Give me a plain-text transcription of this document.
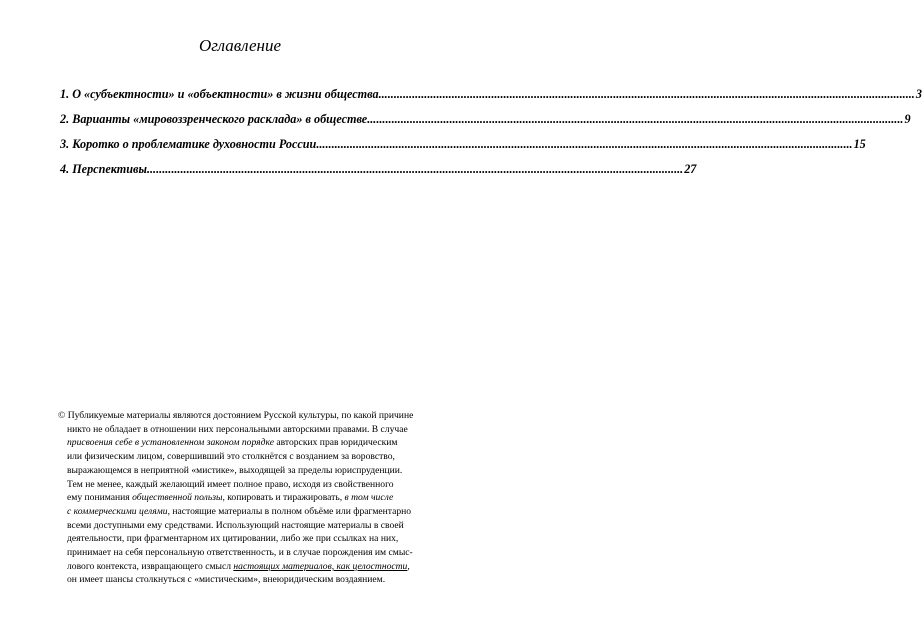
Оглавление
1. О «субъектности» и «объектности» в жизни общества .....	3
2. Варианты «мировоззренческого расклада» в обществе .....	9
3. Коротко о проблематике духовности России .....	15
4. Перспективы .....	27
© Публикуемые материалы являются достоянием Русской культуры, по какой причине
никто не обладает в отношении них персональными авторскими правами. В случае
присвоения себе в установленном законом порядке авторских прав юридическим
или физическим лицом, совершивший это столкнётся с возданием за воровство,
выражающемся в неприятной «мистике», выходящей за пределы юриспруденции.
Тем не менее, каждый желающий имеет полное право, исходя из свойственного
ему понимания общественной пользы, копировать и тиражировать, в том числе
с коммерческими целями, настоящие материалы в полном объёме или фрагментарно
всеми доступными ему средствами. Использующий настоящие материалы в своей
деятельности, при фрагментарном их цитировании, либо же при ссылках на них,
принимает на себя персональную ответственность, и в случае порождения им смыс-
лового контекста, извращающего смысл настоящих материалов, как целостности,
он имеет шансы столкнуться с «мистическим», внеюридическим воздаянием.
